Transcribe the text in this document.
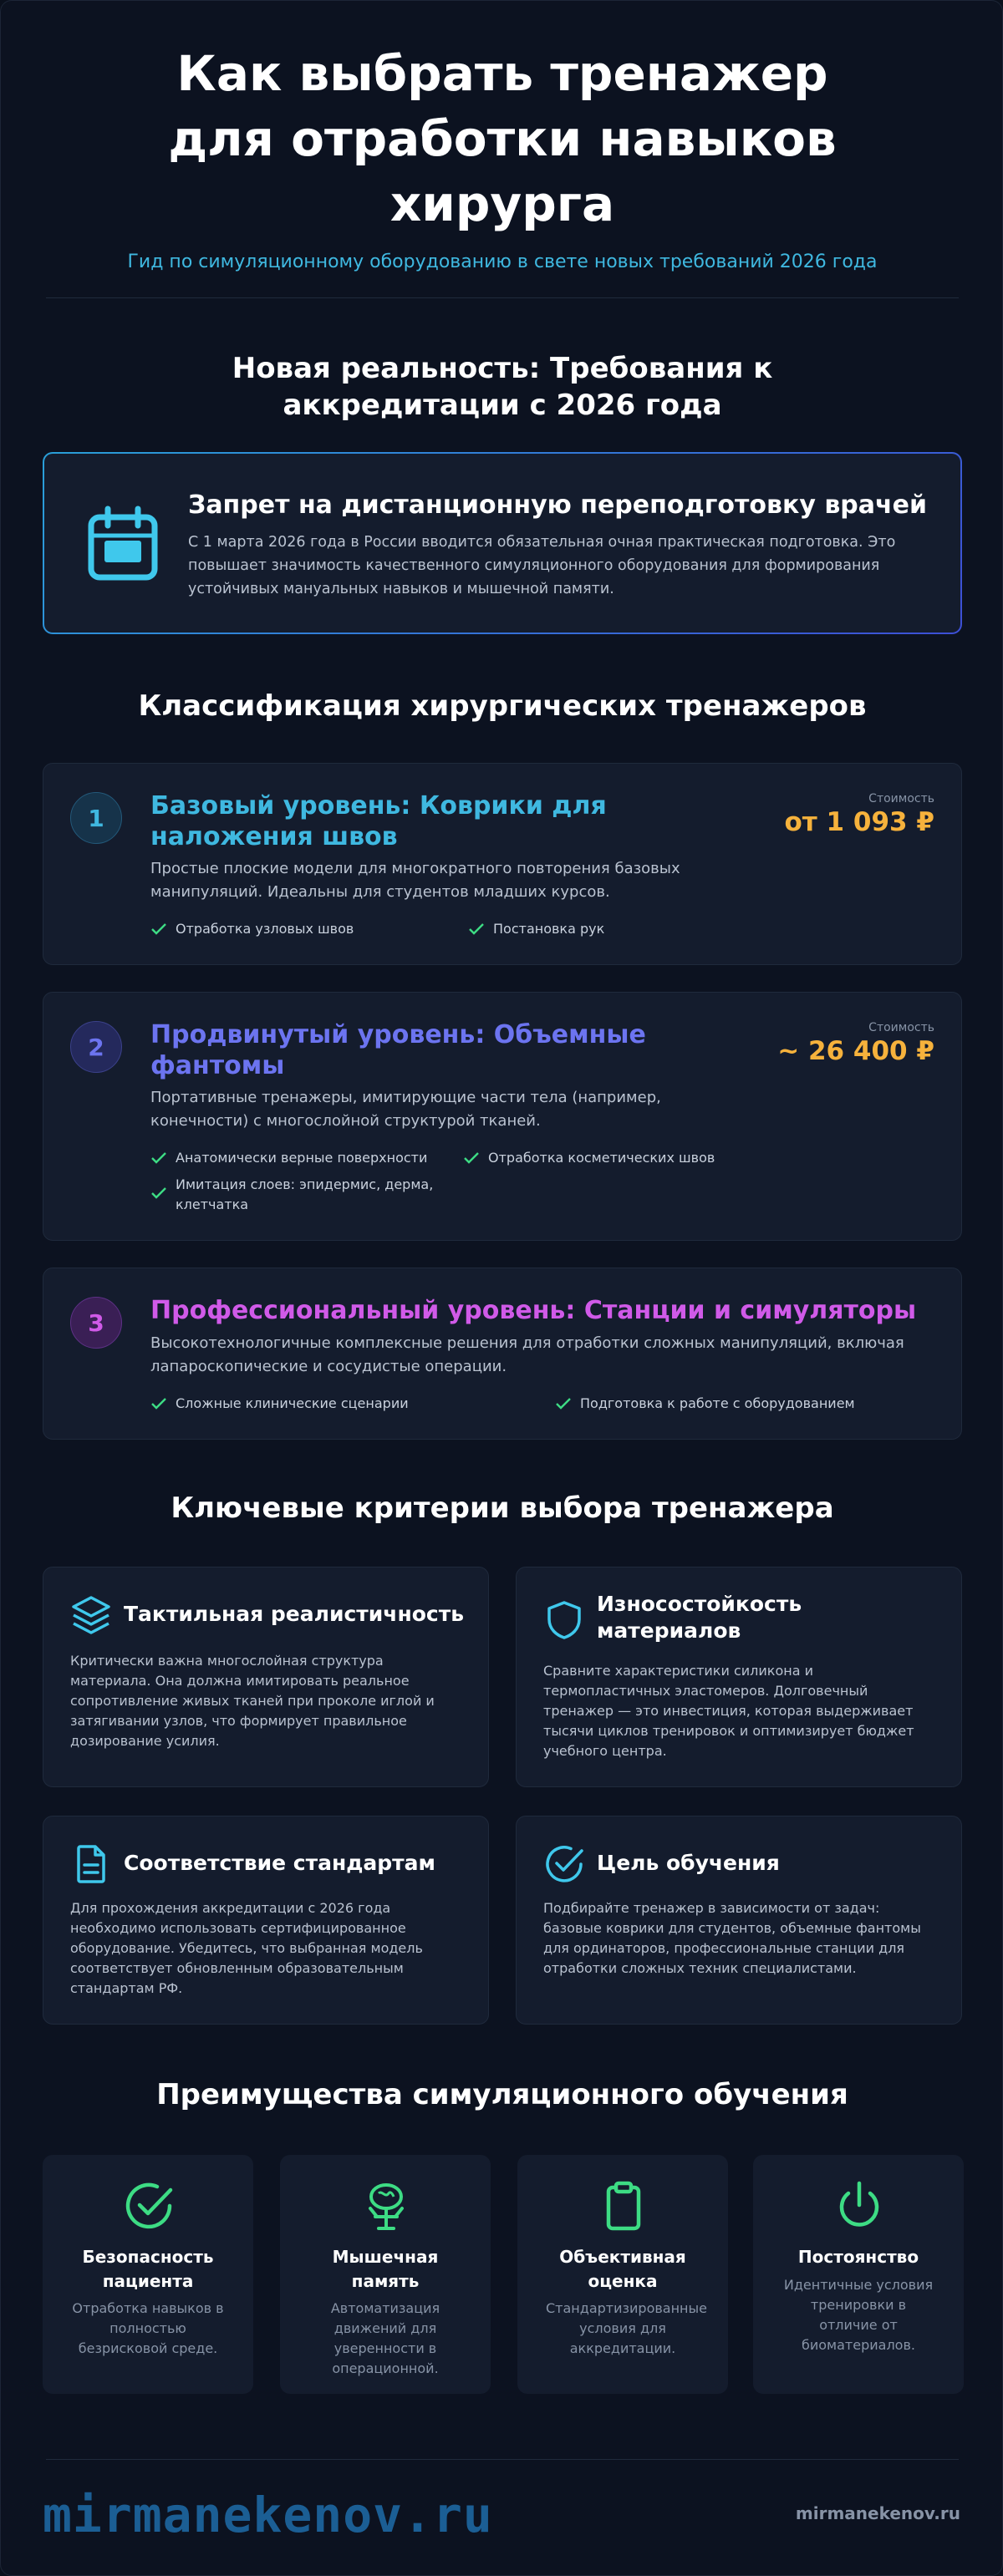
Как выбрать тренажер для отработки навыков хирурга
Гид по симуляционному оборудованию в свете новых требований 2026 года
Новая реальность: Требования к аккредитации с 2026 года
Запрет на дистанционную переподготовку врачей
С 1 марта 2026 года в России вводится обязательная очная практическая подготовка. Это повышает значимость качественного симуляционного оборудования для формирования устойчивых мануальных навыков и мышечной памяти.
Классификация хирургических тренажеров
1	Базовый уровень: Коврики для наложения швов
Стоимость
от 1 093 ₽
Простые плоские модели для многократного повторения базовых манипуляций. Идеальны для студентов младших курсов.
Отработка узловых швов	Постановка рук
2	Продвинутый уровень: Объемные фантомы
Стоимость
~ 26 400 ₽
Портативные тренажеры, имитирующие части тела (например, конечности) с многослойной структурой тканей.
Анатомически верные поверхности	Отработка косметических швов
Имитация слоев: эпидермис, дерма, клетчатка
3	Профессиональный уровень: Станции и симуляторы
Высокотехнологичные комплексные решения для отработки сложных манипуляций, включая лапароскопические и сосудистые операции.
Сложные клинические сценарии	Подготовка к работе с оборудованием
Ключевые критерии выбора тренажера
Тактильная реалистичность
Критически важна многослойная структура материала. Она должна имитировать реальное сопротивление живых тканей при проколе иглой и затягивании узлов, что формирует правильное дозирование усилия.
Износостойкость материалов
Сравните характеристики силикона и термопластичных эластомеров. Долговечный тренажер — это инвестиция, которая выдерживает тысячи циклов тренировок и оптимизирует бюджет учебного центра.
Соответствие стандартам
Для прохождения аккредитации с 2026 года необходимо использовать сертифицированное оборудование. Убедитесь, что выбранная модель соответствует обновленным образовательным стандартам РФ.
Цель обучения
Подбирайте тренажер в зависимости от задач: базовые коврики для студентов, объемные фантомы для ординаторов, профессиональные станции для отработки сложных техник специалистами.
Преимущества симуляционного обучения
Безопасность пациента
Отработка навыков в полностью безрисковой среде.
Мышечная память
Автоматизация движений для уверенности в операционной.
Объективная оценка
Стандартизированные условия для аккредитации.
Постоянство
Идентичные условия тренировки в отличие от биоматериалов.
mirmanekenov.ru	mirmanekenov.ru
